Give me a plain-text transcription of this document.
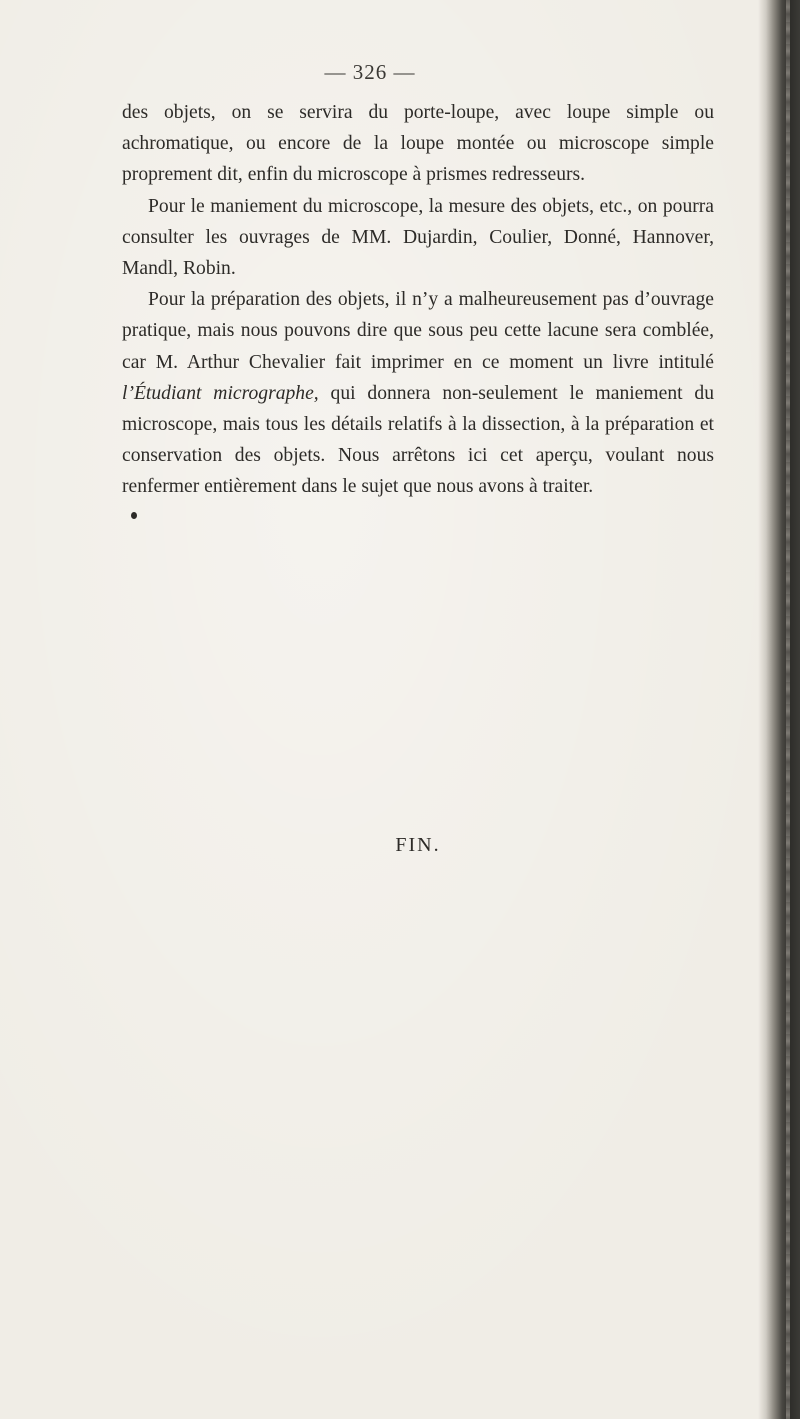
— 326 —

des objets, on se servira du porte-loupe, avec loupe simple ou achromatique, ou encore de la loupe montée ou microscope simple proprement dit, enfin du microscope à prismes redresseurs.

Pour le maniement du microscope, la mesure des objets, etc., on pourra consulter les ouvrages de MM. Dujardin, Coulier, Donné, Hannover, Mandl, Robin.

Pour la préparation des objets, il n’y a malheureusement pas d’ouvrage pratique, mais nous pouvons dire que sous peu cette lacune sera comblée, car M. Arthur Chevalier fait imprimer en ce moment un livre intitulé l’Étudiant micrographe, qui donnera non-seulement le maniement du microscope, mais tous les détails relatifs à la dissection, à la préparation et conservation des objets. Nous arrêtons ici cet aperçu, voulant nous renfermer entièrement dans le sujet que nous avons à traiter.

FIN.
